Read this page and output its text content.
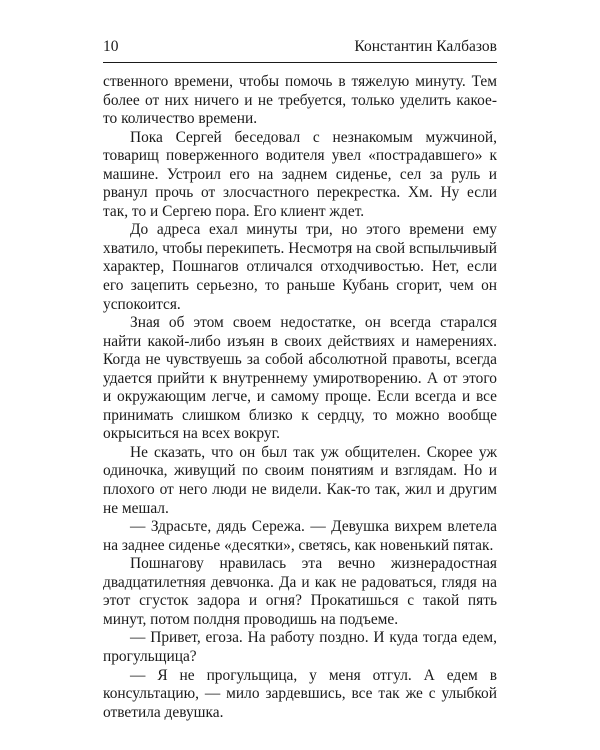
10	Константин Калбазов

ственного времени, чтобы помочь в тяжелую минуту. Тем более от них ничего и не требуется, только уделить какое-то количество времени.

Пока Сергей беседовал с незнакомым мужчиной, товарищ поверженного водителя увел «пострадавшего» к машине. Устроил его на заднем сиденье, сел за руль и рванул прочь от злосчастного перекрестка. Хм. Ну если так, то и Сергею пора. Его клиент ждет.

До адреса ехал минуты три, но этого времени ему хватило, чтобы перекипеть. Несмотря на свой вспыльчивый характер, Пошнагов отличался отходчивостью. Нет, если его зацепить серьезно, то раньше Кубань сгорит, чем он успокоится.

Зная об этом своем недостатке, он всегда старался найти какой-либо изъян в своих действиях и намерениях. Когда не чувствуешь за собой абсолютной правоты, всегда удается прийти к внутреннему умиротворению. А от этого и окружающим легче, и самому проще. Если всегда и все принимать слишком близко к сердцу, то можно вообще окрыситься на всех вокруг.

Не сказать, что он был так уж общителен. Скорее уж одиночка, живущий по своим понятиям и взглядам. Но и плохого от него люди не видели. Как-то так, жил и другим не мешал.

— Здрасьте, дядь Сережа. — Девушка вихрем влетела на заднее сиденье «десятки», светясь, как новенький пятак.

Пошнагову нравилась эта вечно жизнерадостная двадцатилетняя девчонка. Да и как не радоваться, глядя на этот сгусток задора и огня? Прокатишься с такой пять минут, потом полдня проводишь на подъеме.

— Привет, егоза. На работу поздно. И куда тогда едем, прогульщица?

— Я не прогульщица, у меня отгул. А едем в консультацию, — мило зардевшись, все так же с улыбкой ответила девушка.
